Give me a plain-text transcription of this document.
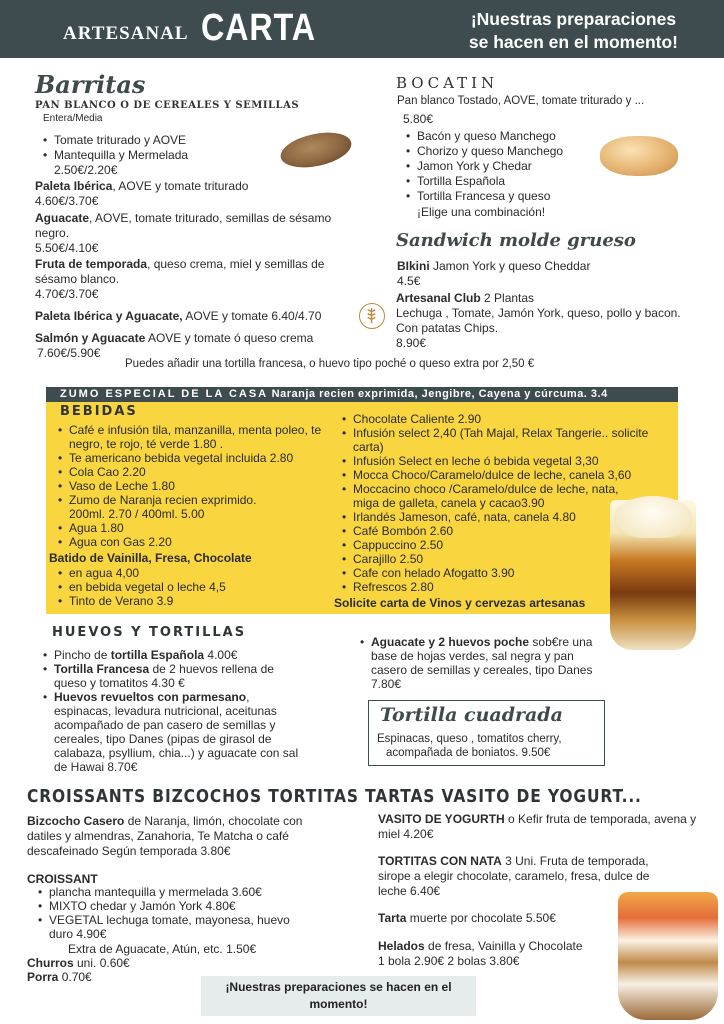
ARTESANAL CARTA	¡Nuestras preparaciones
se hacen en el momento!
Barritas
PAN BLANCO O DE CEREALES Y SEMILLAS
Entera/Media
• Tomate triturado y AOVE
• Mantequilla y Mermelada
2.50€/2.20€
Paleta Ibérica, AOVE y tomate triturado
4.60€/3.70€
Aguacate, AOVE, tomate triturado, semillas de sésamo negro.
5.50€/4.10€
Fruta de temporada, queso crema, miel y semillas de sésamo blanco.
4.70€/3.70€
Paleta Ibérica y Aguacate, AOVE y tomate 6.40/4.70
Salmón y Aguacate AOVE y tomate ó queso crema
7.60€/5.90€
BOCATIN
Pan blanco Tostado, AOVE, tomate triturado y ...
5.80€
• Bacón y queso Manchego
• Chorizo y queso Manchego
• Jamon York y Chedar
• Tortilla Española
• Tortilla Francesa y queso
¡Elige una combinación!
Sandwich molde grueso
BIkini Jamon York y queso Cheddar
4.5€
Artesanal Club 2 Plantas
Lechuga , Tomate, Jamón York, queso, pollo y bacon.
Con patatas Chips.
8.90€
Puedes añadir una tortilla francesa, o huevo tipo poché o queso extra por 2,50 €
ZUMO ESPECIAL DE LA CASA Naranja recien exprimida, Jengibre, Cayena y cúrcuma. 3.4
BEBIDAS
• Café e infusión tila, manzanilla, menta poleo, te negro, te rojo, té verde 1.80 .
• Te americano bebida vegetal incluida 2.80
• Cola Cao 2.20
• Vaso de Leche 1.80
• Zumo de Naranja recien exprimido. 200ml. 2.70 / 400ml. 5.00
• Agua 1.80
• Agua con Gas 2.20
Batido de Vainilla, Fresa, Chocolate
• en agua 4,00
• en bebida vegetal o leche 4,5
• Tinto de Verano 3.9
• Chocolate Caliente 2.90
• Infusión select 2,40 (Tah Majal, Relax Tangerie.. solicite carta)
• Infusión Select en leche ó bebida vegetal 3,30
• Mocca Choco/Caramelo/dulce de leche, canela 3,60
• Moccacino choco /Caramelo/dulce de leche, nata, miga de galleta, canela y cacao3.90
• Irlandés Jameson, café, nata, canela 4.80
• Café Bombón 2.60
• Cappuccino 2.50
• Carajillo 2.50
• Cafe con helado Afogatto 3.90
• Refrescos 2.80
Solicite carta de Vinos y cervezas artesanas
HUEVOS Y TORTILLAS
• Pincho de tortilla Española 4.00€
• Tortilla Francesa de 2 huevos rellena de queso y tomatitos 4.30 €
• Huevos revueltos con parmesano, espinacas, levadura nutricional, aceitunas acompañado de pan casero de semillas y cereales, tipo Danes (pipas de girasol de calabaza, psyllium, chia...) y aguacate con sal de Hawai 8.70€
• Aguacate y 2 huevos poche sob€re una base de hojas verdes, sal negra y pan casero de semillas y cereales, tipo Danes 7.80€
Tortilla cuadrada
Espinacas, queso , tomatitos cherry,
acompañada de boniatos. 9.50€
CROISSANTS BIZCOCHOS TORTITAS TARTAS VASITO DE YOGURT...
Bizcocho Casero de Naranja, limón, chocolate con datiles y almendras, Zanahoria, Te Matcha o café descafeinado Según temporada 3.80€
CROISSANT
• plancha mantequilla y mermelada 3.60€
• MIXTO chedar y Jamón York 4.80€
• VEGETAL lechuga tomate, mayonesa, huevo duro 4.90€
Extra de Aguacate, Atún, etc. 1.50€
Churros uni. 0.60€
Porra 0.70€
VASITO DE YOGURTH o Kefir fruta de temporada, avena y miel 4.20€
TORTITAS CON NATA 3 Uni. Fruta de temporada, sirope a elegir chocolate, caramelo, fresa, dulce de leche 6.40€
Tarta muerte por chocolate 5.50€
Helados de fresa, Vainilla y Chocolate
1 bola 2.90€ 2 bolas 3.80€
¡Nuestras preparaciones se hacen en el
momento!
